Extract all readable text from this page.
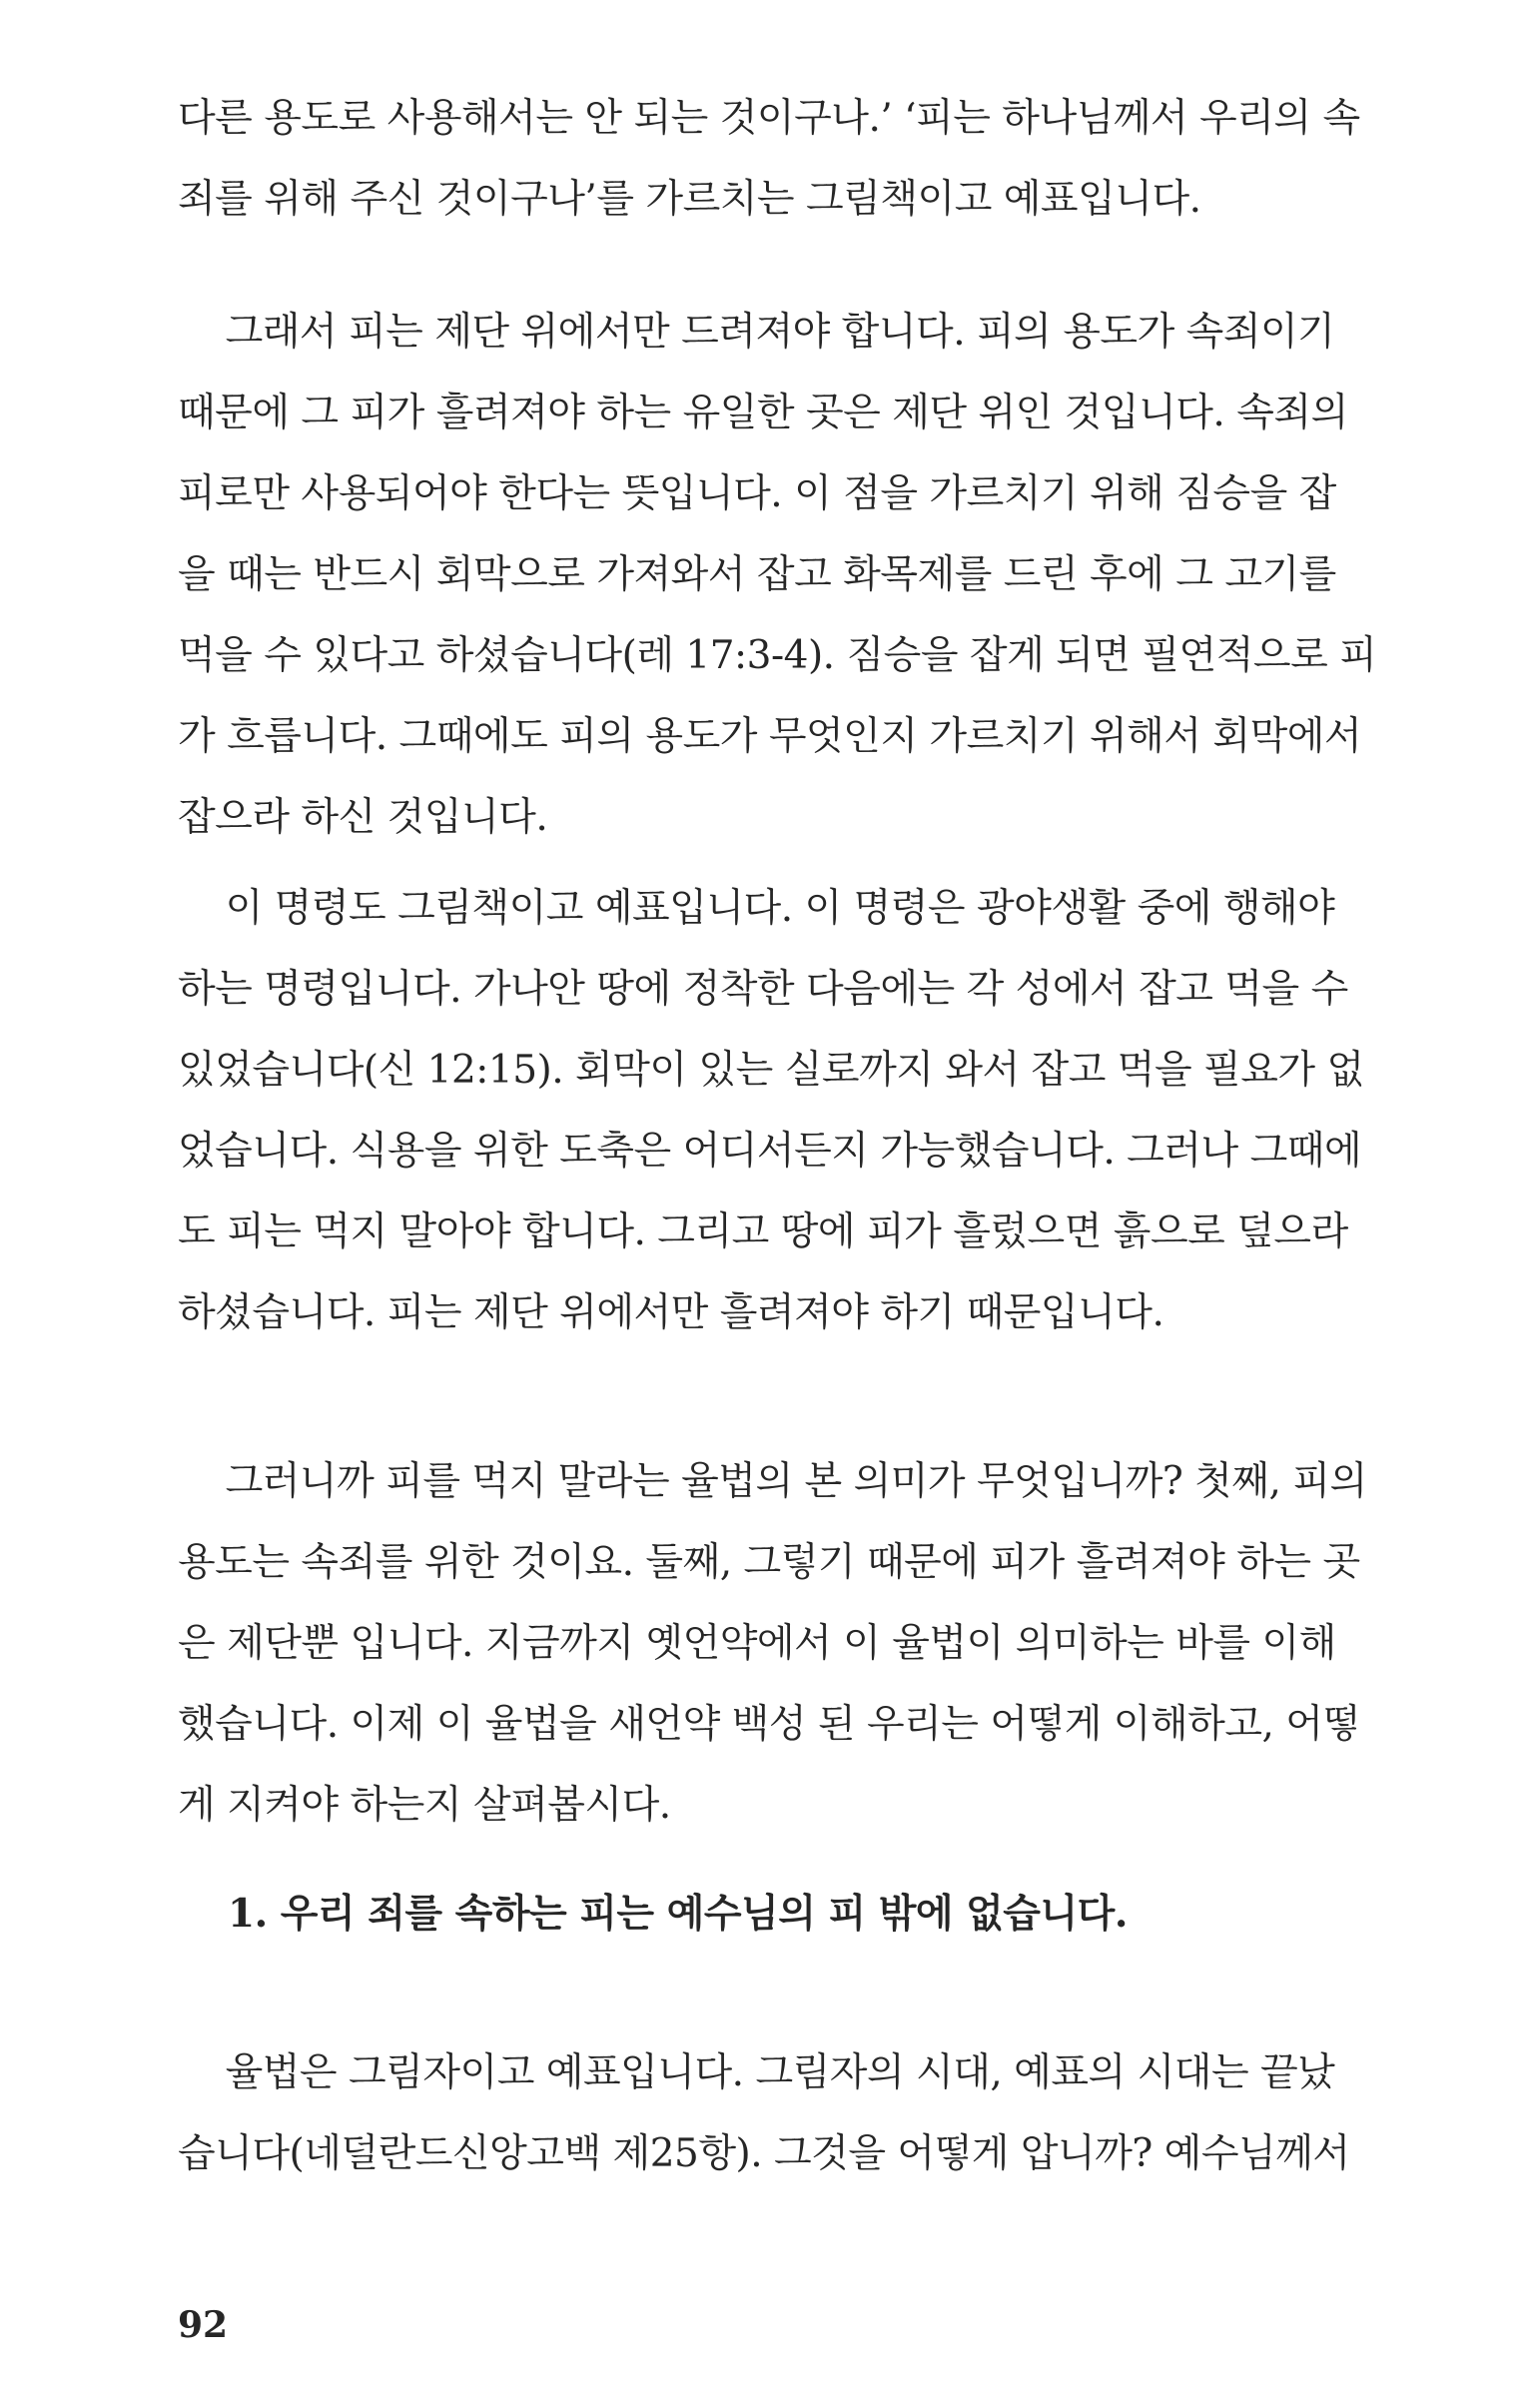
다른 용도로 사용해서는 안 되는 것이구나.’ ‘피는 하나님께서 우리의 속
죄를 위해 주신 것이구나’를 가르치는 그림책이고 예표입니다.
그래서 피는 제단 위에서만 드려져야 합니다. 피의 용도가 속죄이기
때문에 그 피가 흘려져야 하는 유일한 곳은 제단 위인 것입니다. 속죄의
피로만 사용되어야 한다는 뜻입니다. 이 점을 가르치기 위해 짐승을 잡
을 때는 반드시 회막으로 가져와서 잡고 화목제를 드린 후에 그 고기를
먹을 수 있다고 하셨습니다(레 17:3-4). 짐승을 잡게 되면 필연적으로 피
가 흐릅니다. 그때에도 피의 용도가 무엇인지 가르치기 위해서 회막에서
잡으라 하신 것입니다.
이 명령도 그림책이고 예표입니다. 이 명령은 광야생활 중에 행해야
하는 명령입니다. 가나안 땅에 정착한 다음에는 각 성에서 잡고 먹을 수
있었습니다(신 12:15). 회막이 있는 실로까지 와서 잡고 먹을 필요가 없
었습니다. 식용을 위한 도축은 어디서든지 가능했습니다. 그러나 그때에
도 피는 먹지 말아야 합니다. 그리고 땅에 피가 흘렀으면 흙으로 덮으라
하셨습니다. 피는 제단 위에서만 흘려져야 하기 때문입니다.
그러니까 피를 먹지 말라는 율법의 본 의미가 무엇입니까? 첫째, 피의
용도는 속죄를 위한 것이요. 둘째, 그렇기 때문에 피가 흘려져야 하는 곳
은 제단뿐 입니다. 지금까지 옛언약에서 이 율법이 의미하는 바를 이해
했습니다. 이제 이 율법을 새언약 백성 된 우리는 어떻게 이해하고, 어떻
게 지켜야 하는지 살펴봅시다.
1. 우리 죄를 속하는 피는 예수님의 피 밖에 없습니다.
율법은 그림자이고 예표입니다. 그림자의 시대, 예표의 시대는 끝났
습니다(네덜란드신앙고백 제25항). 그것을 어떻게 압니까? 예수님께서
92
